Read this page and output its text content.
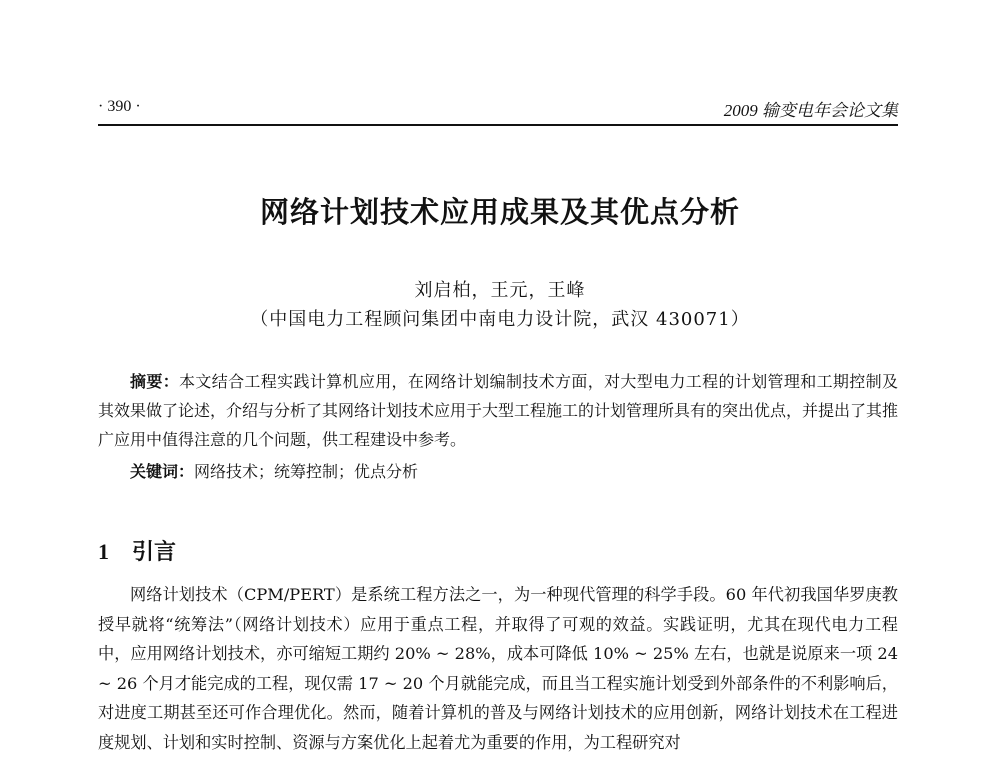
· 390 ·	2009 输变电年会论文集
网络计划技术应用成果及其优点分析
刘启柏，王元，王峰
（中国电力工程顾问集团中南电力设计院，武汉 430071）

摘要：本文结合工程实践计算机应用，在网络计划编制技术方面，对大型电力工程的计划管理和工期控制及其效果做了论述，介绍与分析了其网络计划技术应用于大型工程施工的计划管理所具有的突出优点，并提出了其推广应用中值得注意的几个问题，供工程建设中参考。

关键词：网络技术；统筹控制；优点分析

1 引言

网络计划技术（CPM/PERT）是系统工程方法之一，为一种现代管理的科学手段。60 年代初我国华罗庚教授早就将“统筹法”（网络计划技术）应用于重点工程，并取得了可观的效益。实践证明，尤其在现代电力工程中，应用网络计划技术，亦可缩短工期约 20% ~ 28%，成本可降低 10% ~ 25% 左右，也就是说原来一项 24 ~ 26 个月才能完成的工程，现仅需 17 ~ 20 个月就能完成，而且当工程实施计划受到外部条件的不利影响后，对进度工期甚至还可作合理优化。然而，随着计算机的普及与网络计划技术的应用创新，网络计划技术在工程进度规划、计划和实时控制、资源与方案优化上起着尤为重要的作用，为工程研究对
